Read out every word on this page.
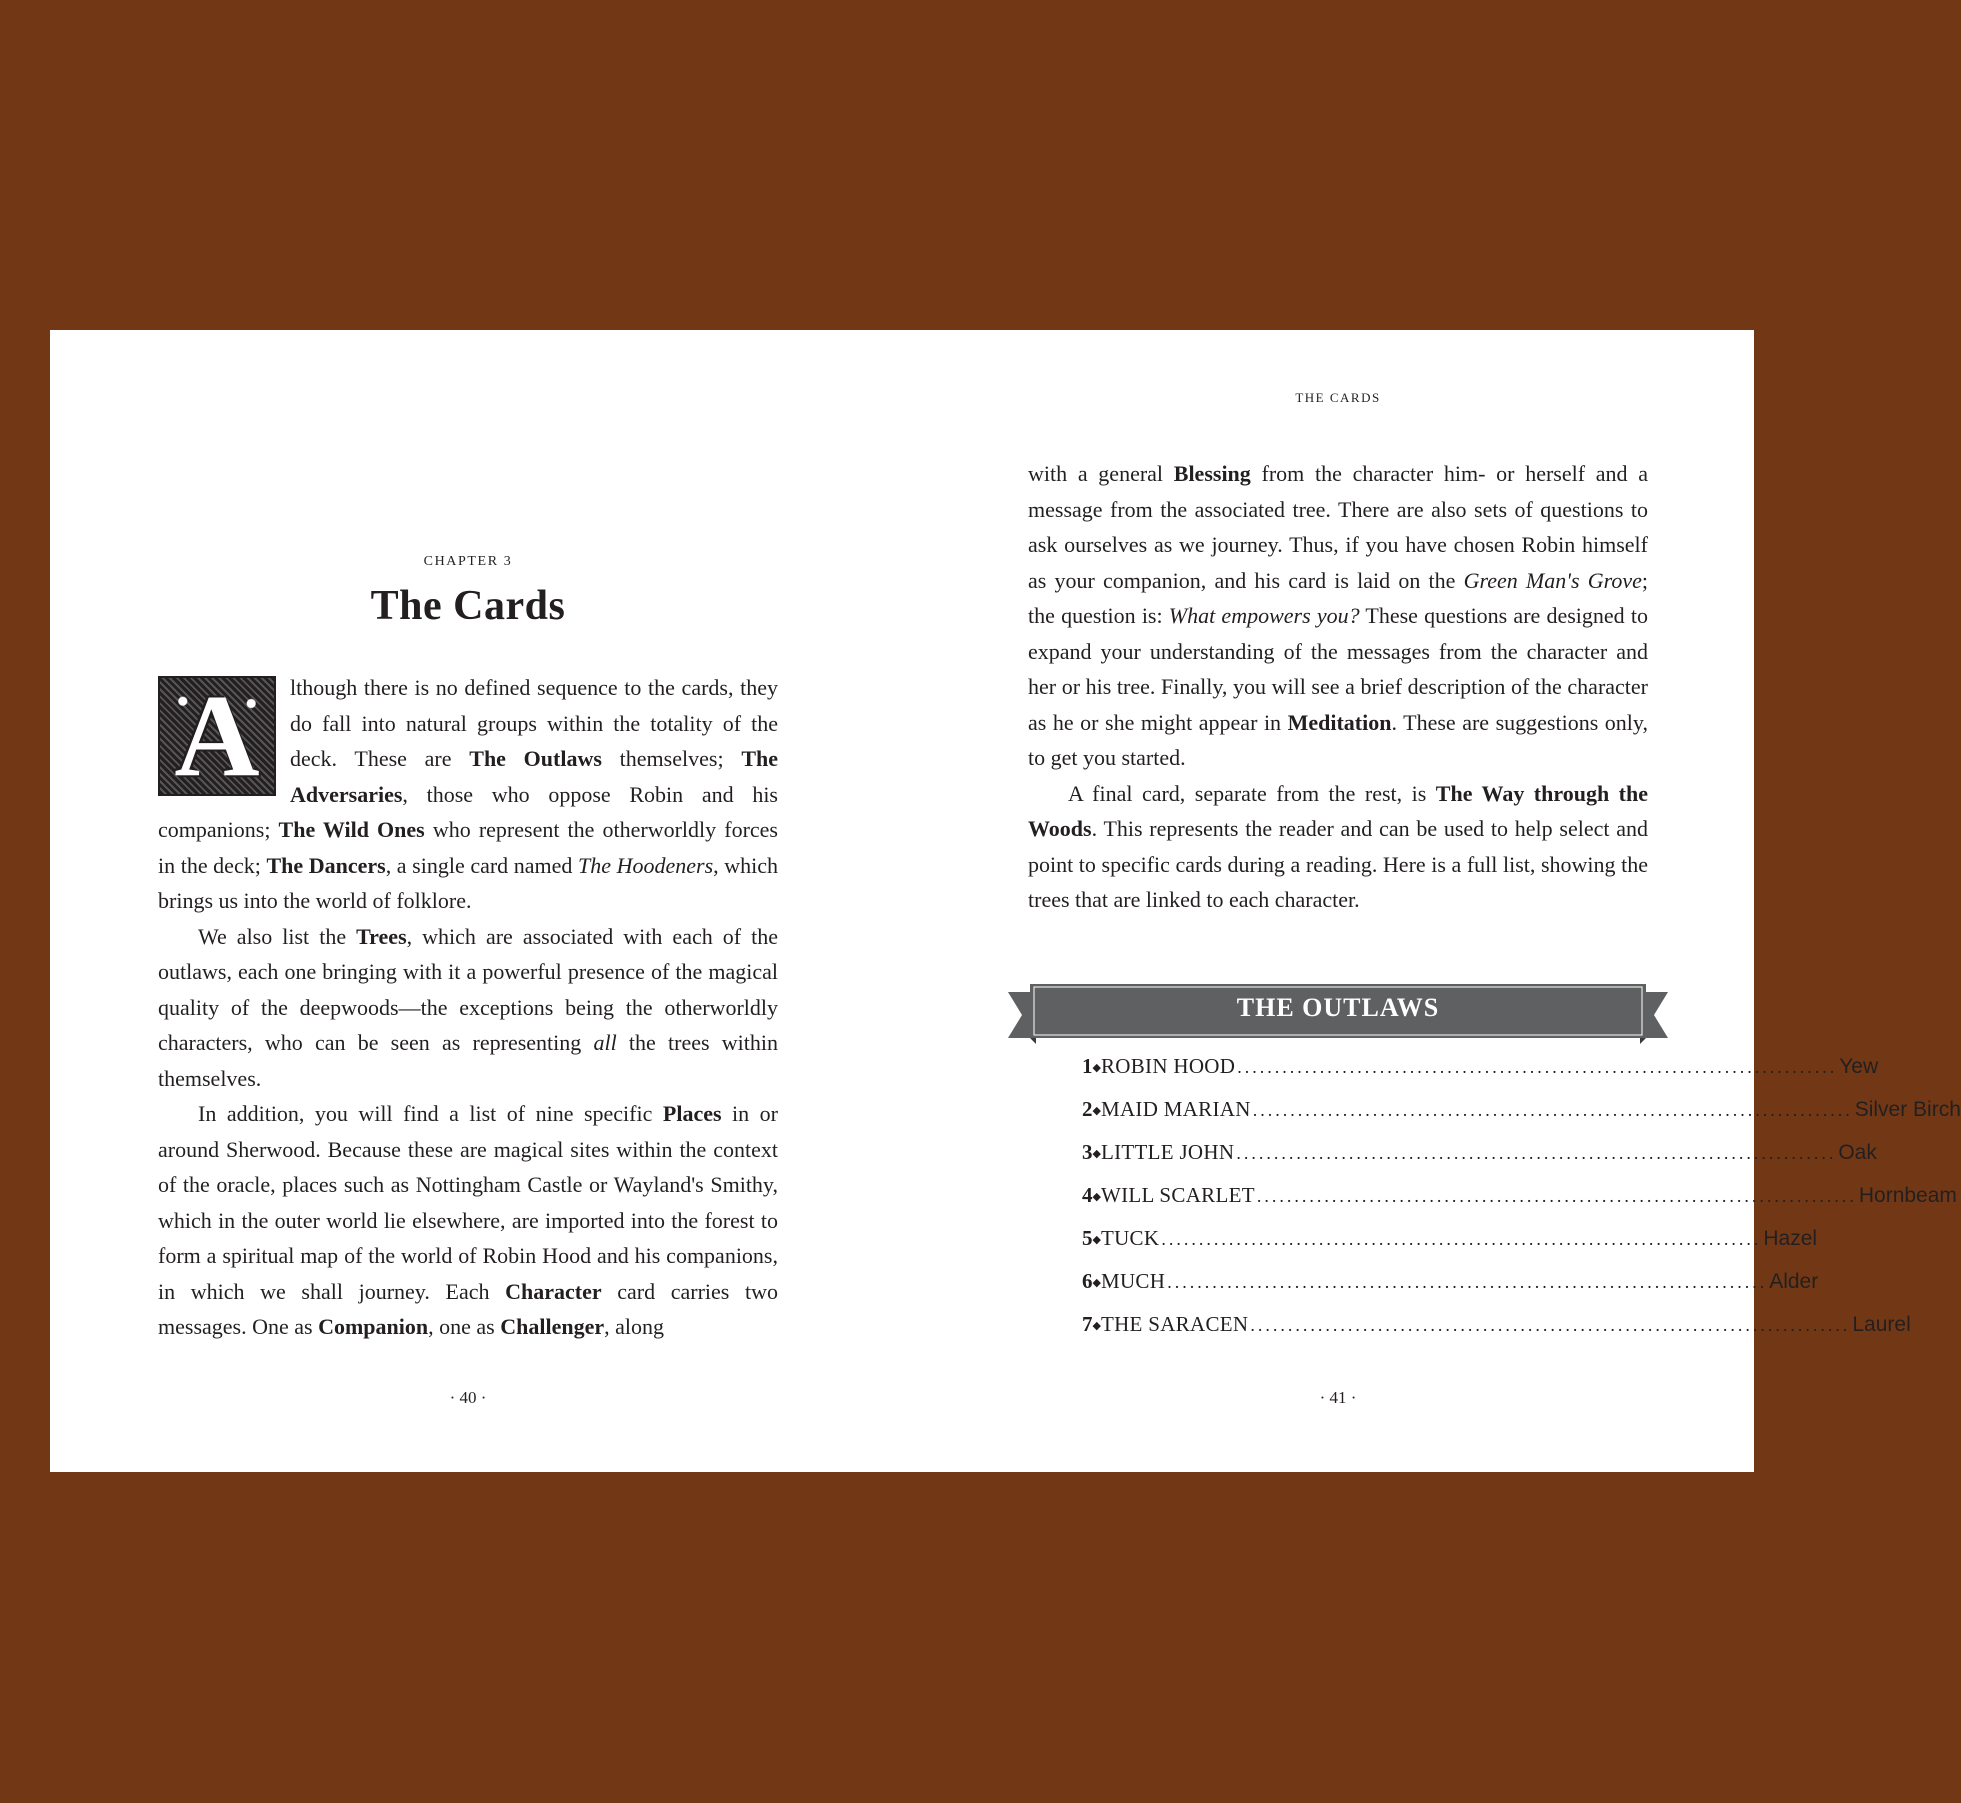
CHAPTER 3
The Cards
A	lthough there is no defined sequence to the cards, they do fall into natural groups within the totality of the deck. These are The Outlaws themselves; The Adversaries, those who oppose Robin and his companions; The Wild Ones who represent the otherworldly forces in the deck; The Dancers, a single card named The Hoodeners, which brings us into the world of folklore.

We also list the Trees, which are associated with each of the outlaws, each one bringing with it a powerful presence of the magical quality of the deepwoods—the exceptions being the otherworldly characters, who can be seen as representing all the trees within themselves.

In addition, you will find a list of nine specific Places in or around Sherwood. Because these are magical sites within the context of the oracle, places such as Nottingham Castle or Wayland's Smithy, which in the outer world lie elsewhere, are imported into the forest to form a spiritual map of the world of Robin Hood and his companions, in which we shall journey. Each Character card carries two messages. One as Companion, one as Challenger, along

· 40 ·
THE CARDS

with a general Blessing from the character him- or herself and a message from the associated tree. There are also sets of questions to ask ourselves as we journey. Thus, if you have chosen Robin himself as your companion, and his card is laid on the Green Man's Grove; the question is: What empowers you? These questions are designed to expand your understanding of the messages from the character and her or his tree. Finally, you will see a brief description of the character as he or she might appear in Meditation. These are suggestions only, to get you started.

A final card, separate from the rest, is The Way through the Woods. This represents the reader and can be used to help select and point to specific cards during a reading. Here is a full list, showing the trees that are linked to each character.

THE OUTLAWS
1 ◆ ROBIN HOOD ................................................................................ Yew
2 ◆ MAID MARIAN ................................................................................ Silver Birch
3 ◆ LITTLE JOHN ................................................................................ Oak
4 ◆ WILL SCARLET ................................................................................ Hornbeam
5 ◆ TUCK ................................................................................ Hazel
6 ◆ MUCH ................................................................................ Alder
7 ◆ THE SARACEN ................................................................................ Laurel
· 41 ·
